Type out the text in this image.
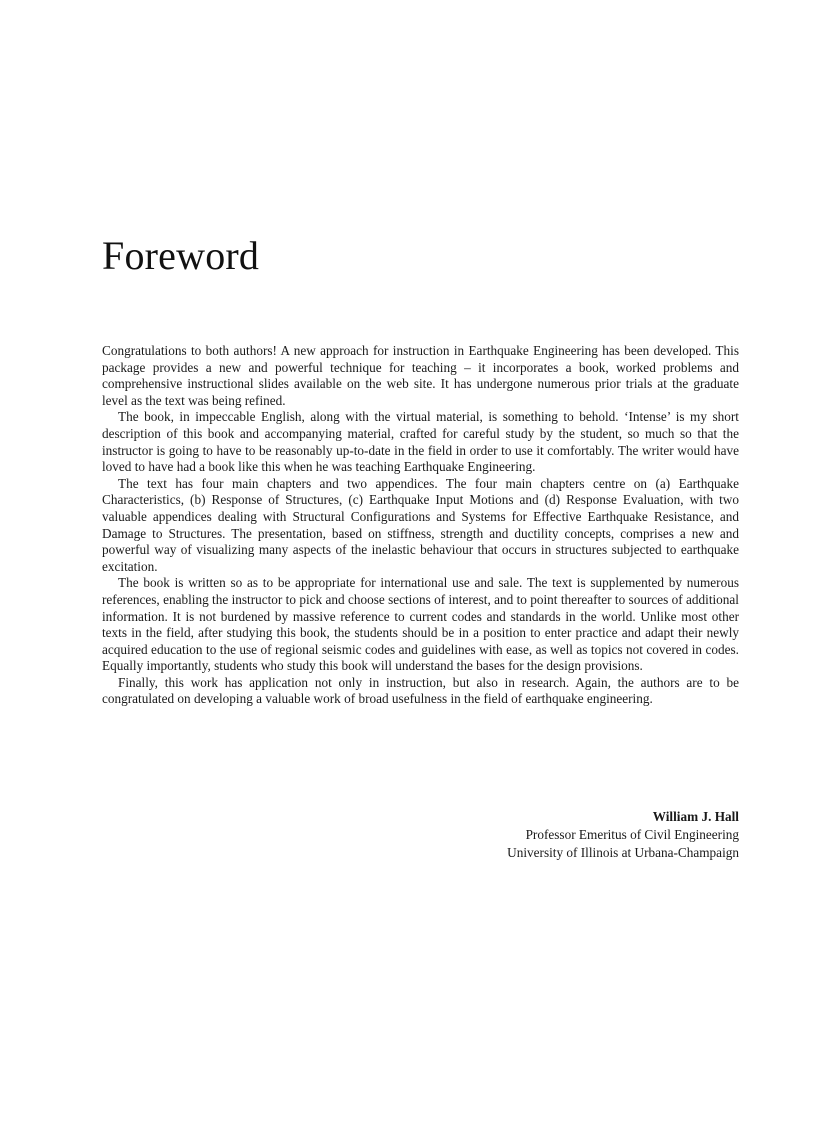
Foreword

Congratulations to both authors! A new approach for instruction in Earthquake Engineering has been developed. This package provides a new and powerful technique for teaching – it incorporates a book, worked problems and comprehensive instructional slides available on the web site. It has undergone numerous prior trials at the graduate level as the text was being refined.

The book, in impeccable English, along with the virtual material, is something to behold. ‘Intense’ is my short description of this book and accompanying material, crafted for careful study by the student, so much so that the instructor is going to have to be reasonably up-to-date in the field in order to use it comfortably. The writer would have loved to have had a book like this when he was teaching Earthquake Engineering.

The text has four main chapters and two appendices. The four main chapters centre on (a) Earthquake Characteristics, (b) Response of Structures, (c) Earthquake Input Motions and (d) Response Evaluation, with two valuable appendices dealing with Structural Configurations and Systems for Effective Earthquake Resistance, and Damage to Structures. The presentation, based on stiffness, strength and ductility concepts, comprises a new and powerful way of visualizing many aspects of the inelastic behaviour that occurs in structures subjected to earthquake excitation.

The book is written so as to be appropriate for international use and sale. The text is supplemented by numerous references, enabling the instructor to pick and choose sections of interest, and to point thereafter to sources of additional information. It is not burdened by massive reference to current codes and standards in the world. Unlike most other texts in the field, after studying this book, the students should be in a position to enter practice and adapt their newly acquired education to the use of regional seismic codes and guidelines with ease, as well as topics not covered in codes. Equally importantly, students who study this book will understand the bases for the design provisions.

Finally, this work has application not only in instruction, but also in research. Again, the authors are to be congratulated on developing a valuable work of broad usefulness in the field of earthquake engineering.

William J. Hall
Professor Emeritus of Civil Engineering
University of Illinois at Urbana-Champaign
